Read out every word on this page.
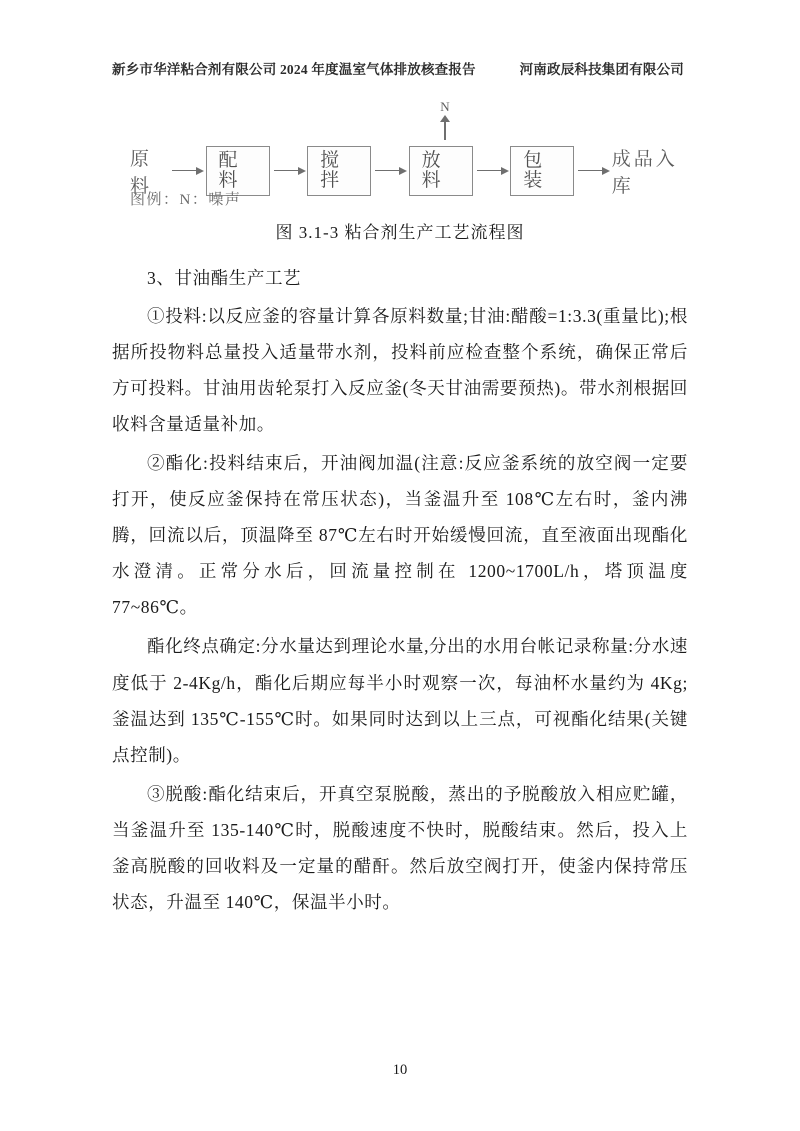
新乡市华洋粘合剂有限公司 2024 年度温室气体排放核查报告	河南政辰科技集团有限公司
N
原料
配料
搅拌
放料
包装
成品入库
图例：N：噪声
图 3.1-3 粘合剂生产工艺流程图

3、甘油酯生产工艺

①投料:以反应釜的容量计算各原料数量;甘油:醋酸=1:3.3(重量比);根据所投物料总量投入适量带水剂，投料前应检查整个系统，确保正常后方可投料。甘油用齿轮泵打入反应釜(冬天甘油需要预热)。带水剂根据回收料含量适量补加。

②酯化:投料结束后，开油阀加温(注意:反应釜系统的放空阀一定要打开，使反应釜保持在常压状态)，当釜温升至 108℃左右时，釜内沸腾，回流以后，顶温降至 87℃左右时开始缓慢回流，直至液面出现酯化水澄清。正常分水后，回流量控制在 1200~1700L/h，塔顶温度 77~86℃。

酯化终点确定:分水量达到理论水量,分出的水用台帐记录称量:分水速度低于 2-4Kg/h，酯化后期应每半小时观察一次，每油杯水量约为 4Kg;釜温达到 135℃-155℃时。如果同时达到以上三点，可视酯化结果(关键点控制)。

③脱酸:酯化结束后，开真空泵脱酸，蒸出的予脱酸放入相应贮罐，当釜温升至 135-140℃时，脱酸速度不快时，脱酸结束。然后，投入上釜高脱酸的回收料及一定量的醋酐。然后放空阀打开，使釜内保持常压状态，升温至 140℃，保温半小时。

10
